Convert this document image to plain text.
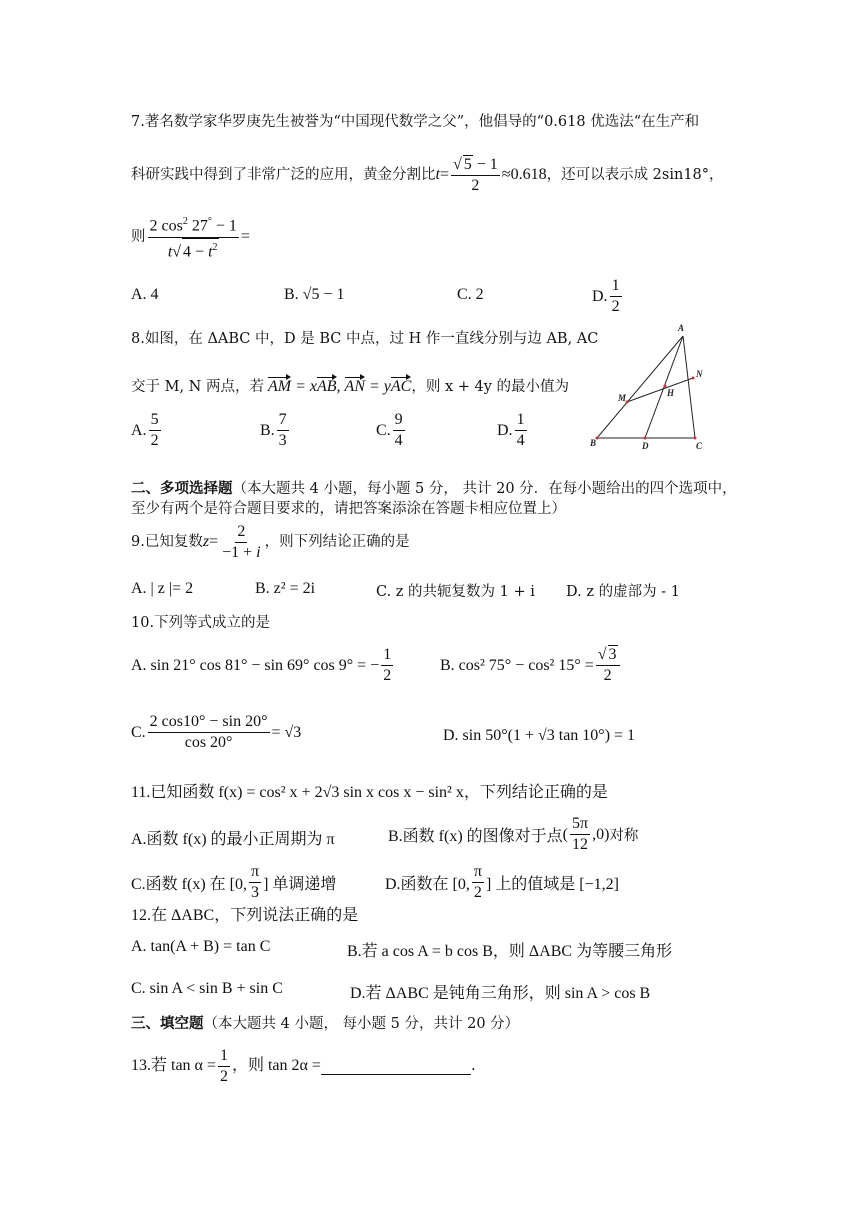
7.著名数学家华罗庚先生被誉为“中国现代数学之父”，他倡导的“0.618 优选法“在生产和
科研实践中得到了非常广泛的应用，黄金分割比 $t = \frac{√ 5 - 1}{2} \approx 0.618$ ，还可以表示成 2sin18°，
则 $\frac{2 \cos^2 27^\circ - 1}{t√ 4 - t^2}$ =
A. 4	B. √5 − 1	C. 2	D. $\frac{1}{2}$
8.如图，在 ΔABC 中，D 是 BC 中点，过 H 作一直线分别与边 AB, AC
交于 M, N 两点，若 AM = xAB, AN = yAC ，则 x + 4y 的最小值为
A. $\frac{5}{2}$	B. $\frac{7}{3}$	C. $\frac{9}{4}$	D. $\frac{1}{4}$
A
N
M	H
B	D	C
二、多项选择题（本大题共 4 小题，每小题 5 分， 共计 20 分．在每小题给出的四个选项中，
至少有两个是符合题目要求的，请把答案添涂在答题卡相应位置上）
9.已知复数 $z = \frac{2}{-1 + i}$ ，则下列结论正确的是
A. | z |= 2	B. z² = 2i	C. z 的共轭复数为 1 + i D. z 的虚部为 - 1
10.下列等式成立的是
A. sin 21° cos 81° − sin 69° cos 9° = − $\frac{1}{2}$	B. cos² 75° − cos² $15^\circ = \frac{√ 3}{2}$
C. $\frac{2 \cos 10^\circ - \sin 20^\circ}{\cos 20^\circ} = √3$	D. sin 50°(1 + √3 tan 10°) = 1
11.已知函数 f(x) = cos² x + 2√3 sin x cos x − sin² x，下列结论正确的是
A.函数 f(x) 的最小正周期为 π	B.函数 f(x) 的图像对于点 ( $\frac{5\pi}{12} ,0$) 对称
C.函数 f(x) 在 [0, $\frac{\pi}{3}$ ] 单调递增	D.函数在 [0, $\frac{\pi}{2}$ ] 上的值域是 [−1,2]
12.在 ΔABC，下列说法正确的是
A. tan(A + B) = tan C	B.若 a cos A = b cos B，则 ΔABC 为等腰三角形
C. sin A < sin B + sin C	D.若 ΔABC 是钝角三角形，则 sin A > cos B
三、填空题（本大题共 4 小题， 每小题 5 分，共计 20 分）
13.若 $\tan \alpha = \frac{1}{2}$ ，则 tan 2α =	.
